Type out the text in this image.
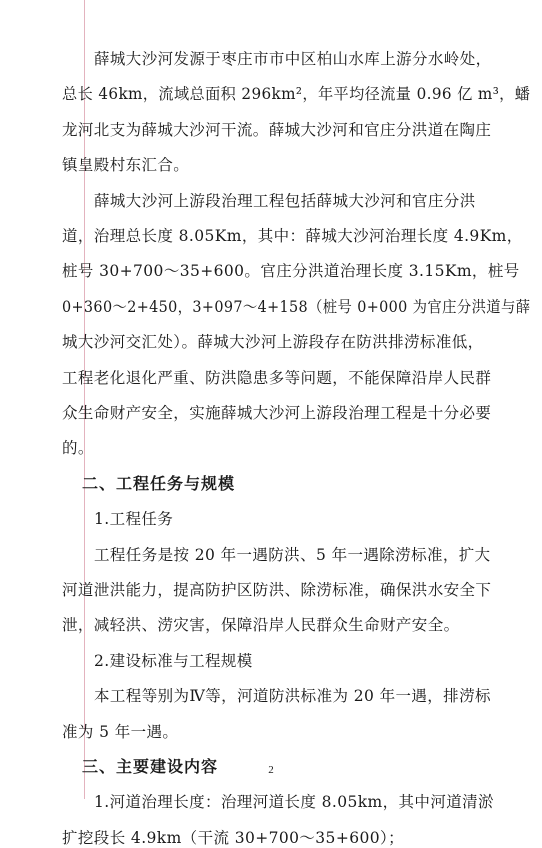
薛城大沙河发源于枣庄市市中区柏山水库上游分水岭处，
总长 46km，流域总面积 296km²，年平均径流量 0.96 亿 m³，蟠
龙河北支为薛城大沙河干流。薛城大沙河和官庄分洪道在陶庄
镇皇殿村东汇合。
薛城大沙河上游段治理工程包括薛城大沙河和官庄分洪
道，治理总长度 8.05Km，其中：薛城大沙河治理长度 4.9Km，
桩号 30+700～35+600。官庄分洪道治理长度 3.15Km，桩号
0+360～2+450，3+097～4+158（桩号 0+000 为官庄分洪道与薛
城大沙河交汇处）。薛城大沙河上游段存在防洪排涝标准低，
工程老化退化严重、防洪隐患多等问题，不能保障沿岸人民群
众生命财产安全，实施薛城大沙河上游段治理工程是十分必要
的。
二、工程任务与规模
1.工程任务
工程任务是按 20 年一遇防洪、5 年一遇除涝标准，扩大
河道泄洪能力，提高防护区防洪、除涝标准，确保洪水安全下
泄，减轻洪、涝灾害，保障沿岸人民群众生命财产安全。
2.建设标准与工程规模
本工程等别为Ⅳ等，河道防洪标准为 20 年一遇，排涝标
准为 5 年一遇。
三、主要建设内容
1.河道治理长度：治理河道长度 8.05km，其中河道清淤
扩挖段长 4.9km（干流 30+700～35+600）；
2
